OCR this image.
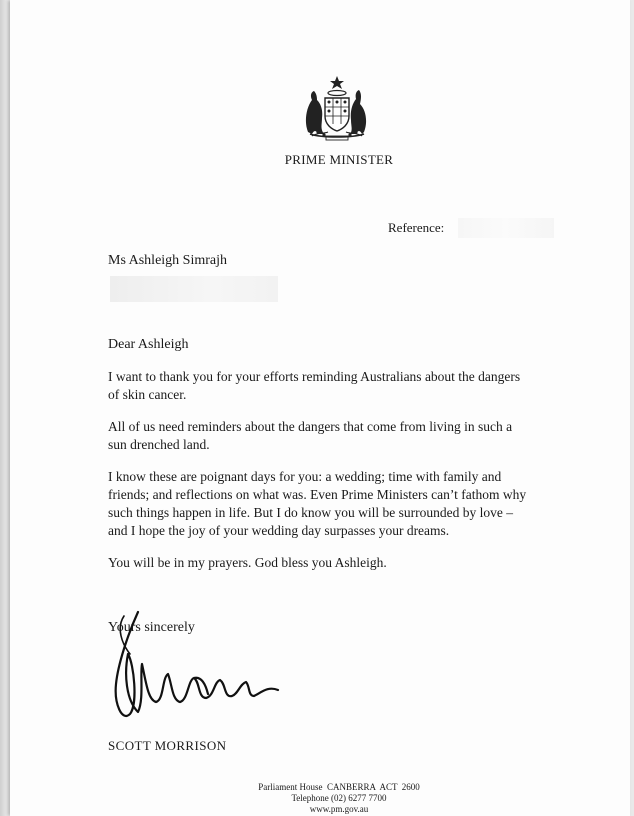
PRIME MINISTER
Reference:
Ms Ashleigh Simrajh
Dear Ashleigh

I want to thank you for your efforts reminding Australians about the dangers of skin cancer.

All of us need reminders about the dangers that come from living in such a sun drenched land.

I know these are poignant days for you: a wedding; time with family and friends; and reflections on what was. Even Prime Ministers can’t fathom why such things happen in life. But I do know you will be surrounded by love – and I hope the joy of your wedding day surpasses your dreams.

You will be in my prayers. God bless you Ashleigh.

Yours sincerely
SCOTT MORRISON
Parliament House  CANBERRA  ACT  2600
Telephone (02) 6277 7700
www.pm.gov.au
